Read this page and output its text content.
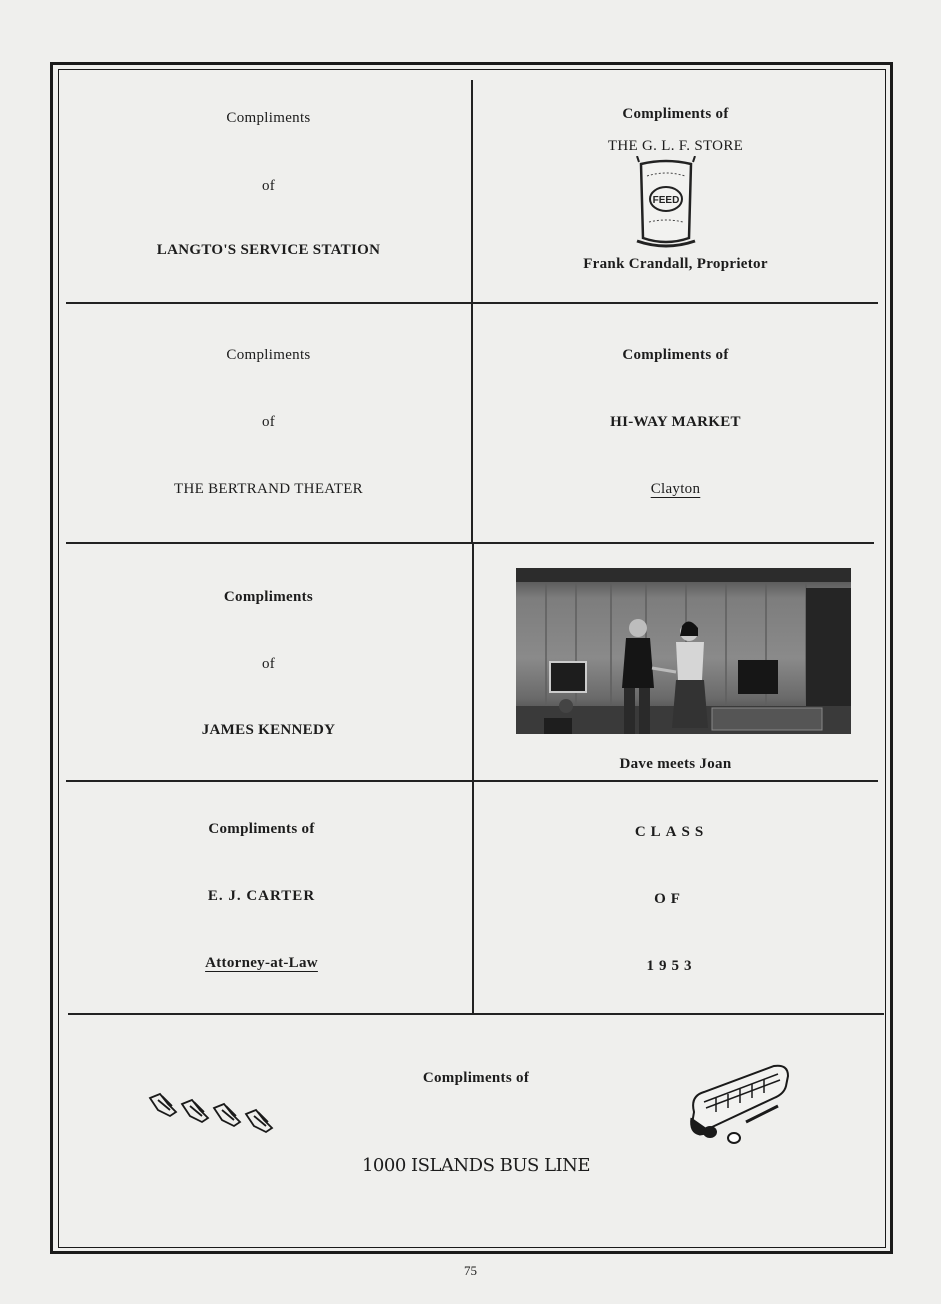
Compliments
of
LANGTO'S SERVICE STATION
Compliments of
THE G. L. F. STORE
FEED
Frank Crandall, Proprietor
Compliments
of
THE BERTRAND THEATER
Compliments of
HI-WAY MARKET
Clayton
Compliments
of
JAMES KENNEDY
Dave meets Joan
Compliments of
E. J. CARTER
Attorney-at-Law
CLASS
OF
1953
Compliments of
1000 ISLANDS BUS LINE
75
